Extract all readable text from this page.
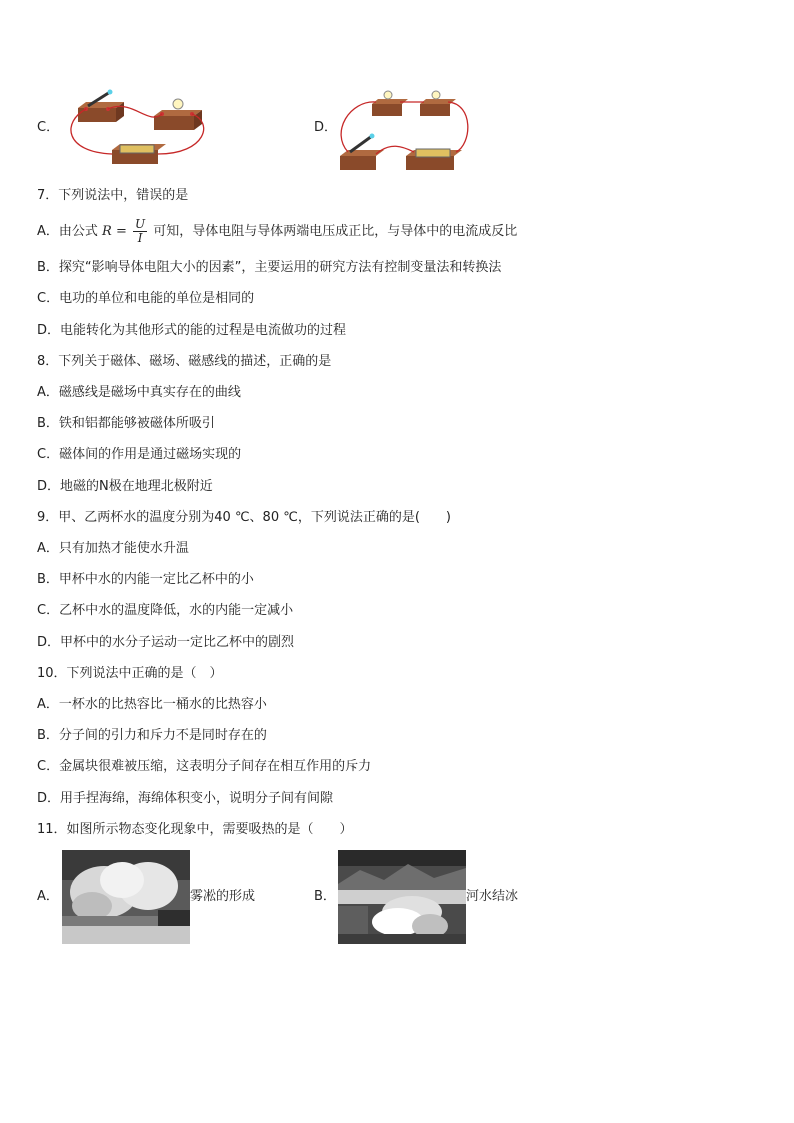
C．	D．
7．下列说法中，错误的是
A．由公式 $R = \frac{U}{I}$ 可知，导体电阻与导体两端电压成正比，与导体中的电流成反比
B．探究“影响导体电阻大小的因素”，主要运用的研究方法有控制变量法和转换法
C．电功的单位和电能的单位是相同的
D．电能转化为其他形式的能的过程是电流做功的过程
8．下列关于磁体、磁场、磁感线的描述，正确的是
A．磁感线是磁场中真实存在的曲线
B．铁和铝都能够被磁体所吸引
C．磁体间的作用是通过磁场实现的
D．地磁的N极在地理北极附近
9．甲、乙两杯水的温度分别为40 ℃、80 ℃，下列说法正确的是(　　)
A．只有加热才能使水升温
B．甲杯中水的内能一定比乙杯中的小
C．乙杯中水的温度降低，水的内能一定减小
D．甲杯中的水分子运动一定比乙杯中的剧烈
10．下列说法中正确的是（　）
A．一杯水的比热容比一桶水的比热容小
B．分子间的引力和斥力不是同时存在的
C．金属块很难被压缩，这表明分子间存在相互作用的斥力
D．用手捏海绵，海绵体积变小，说明分子间有间隙
11．如图所示物态变化现象中，需要吸热的是（　　）
A．	雾凇的形成	B．	河水结冰
